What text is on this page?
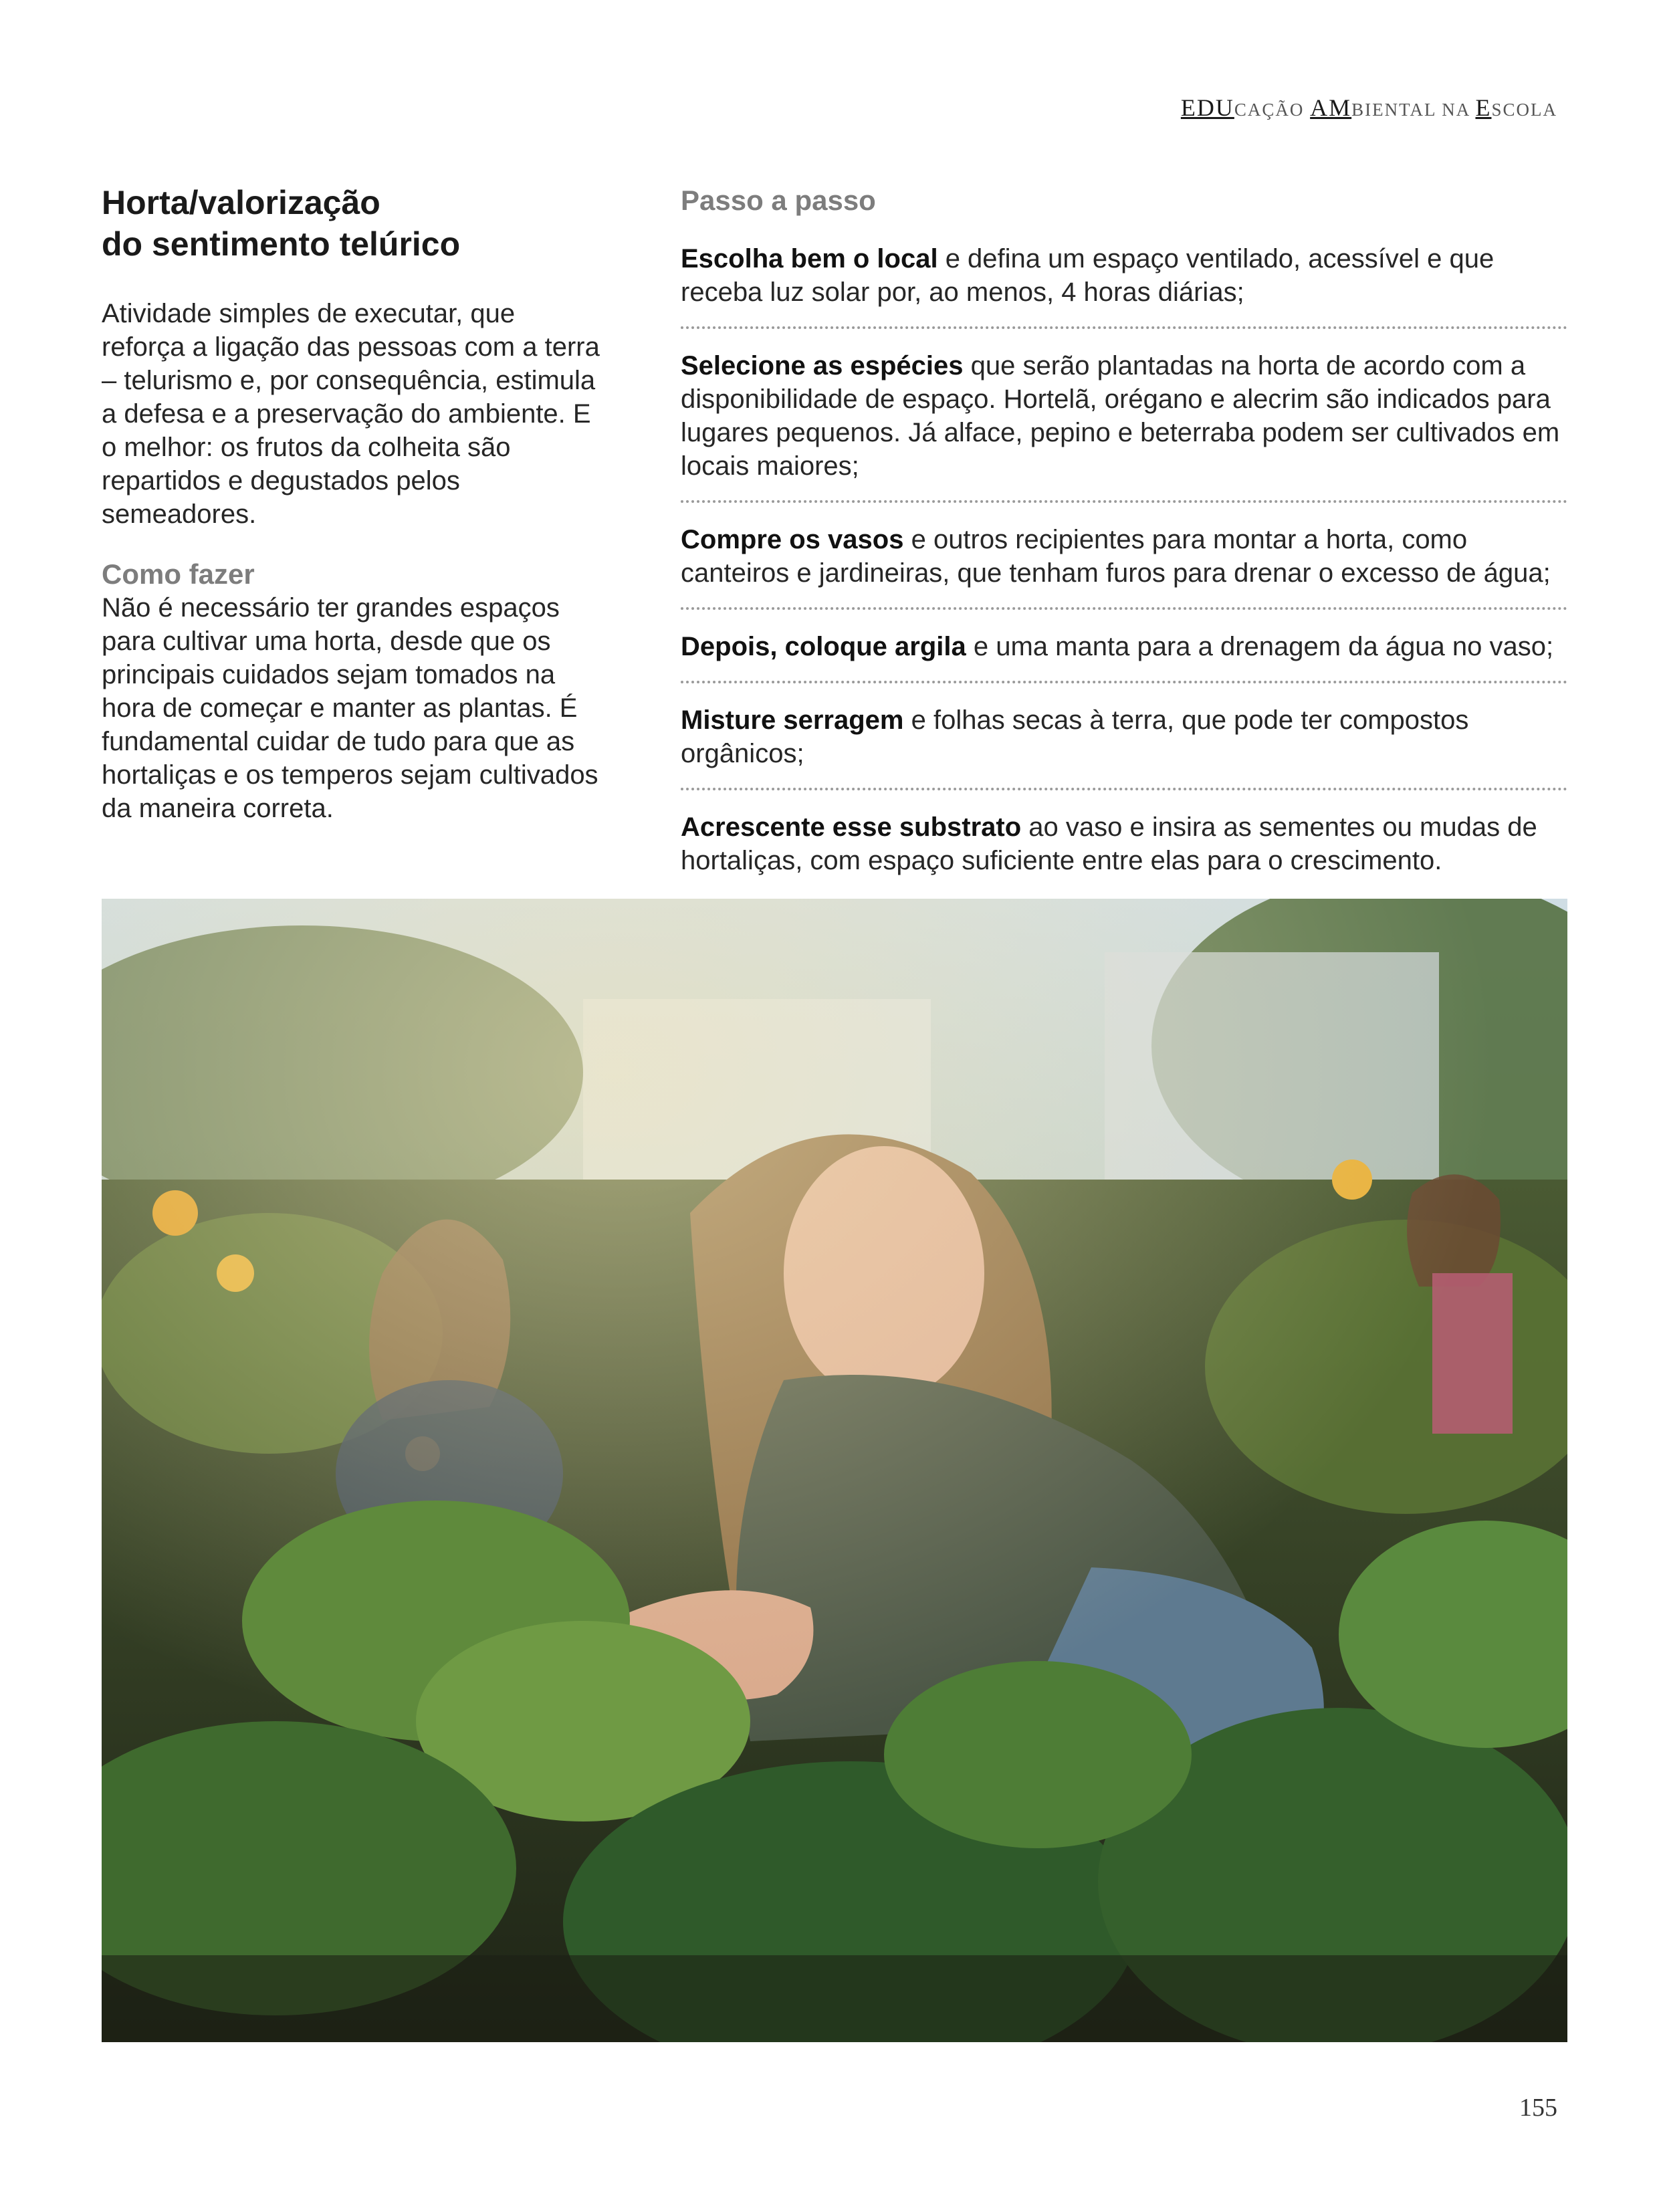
EDUCAÇÃO AMBIENTAL NA ESCOLA
Horta/valorização
do sentimento telúrico
Atividade simples de executar, que reforça a ligação das pessoas com a terra – telurismo e, por consequência, estimula a defesa e a preservação do ambiente. E o melhor: os frutos da colheita são repartidos e degustados pelos semeadores.
Como fazer
Não é necessário ter grandes espaços para cultivar uma horta, desde que os principais cuidados sejam tomados na hora de começar e manter as plantas. É fundamental cuidar de tudo para que as hortaliças e os temperos sejam cultivados da maneira correta.
Passo a passo
Escolha bem o local e defina um espaço ventilado, acessível e que receba luz solar por, ao menos, 4 horas diárias;
Selecione as espécies que serão plantadas na horta de acordo com a disponibilidade de espaço. Hortelã, orégano e alecrim são indicados para lugares pequenos. Já alface, pepino e beterraba podem ser cultivados em locais maiores;
Compre os vasos e outros recipientes para montar a horta, como canteiros e jardineiras, que tenham furos para drenar o excesso de água;
Depois, coloque argila e uma manta para a drenagem da água no vaso;
Misture serragem e folhas secas à terra, que pode ter compostos orgânicos;
Acrescente esse substrato ao vaso e insira as sementes ou mudas de hortaliças, com espaço suficiente entre elas para o crescimento.
155
